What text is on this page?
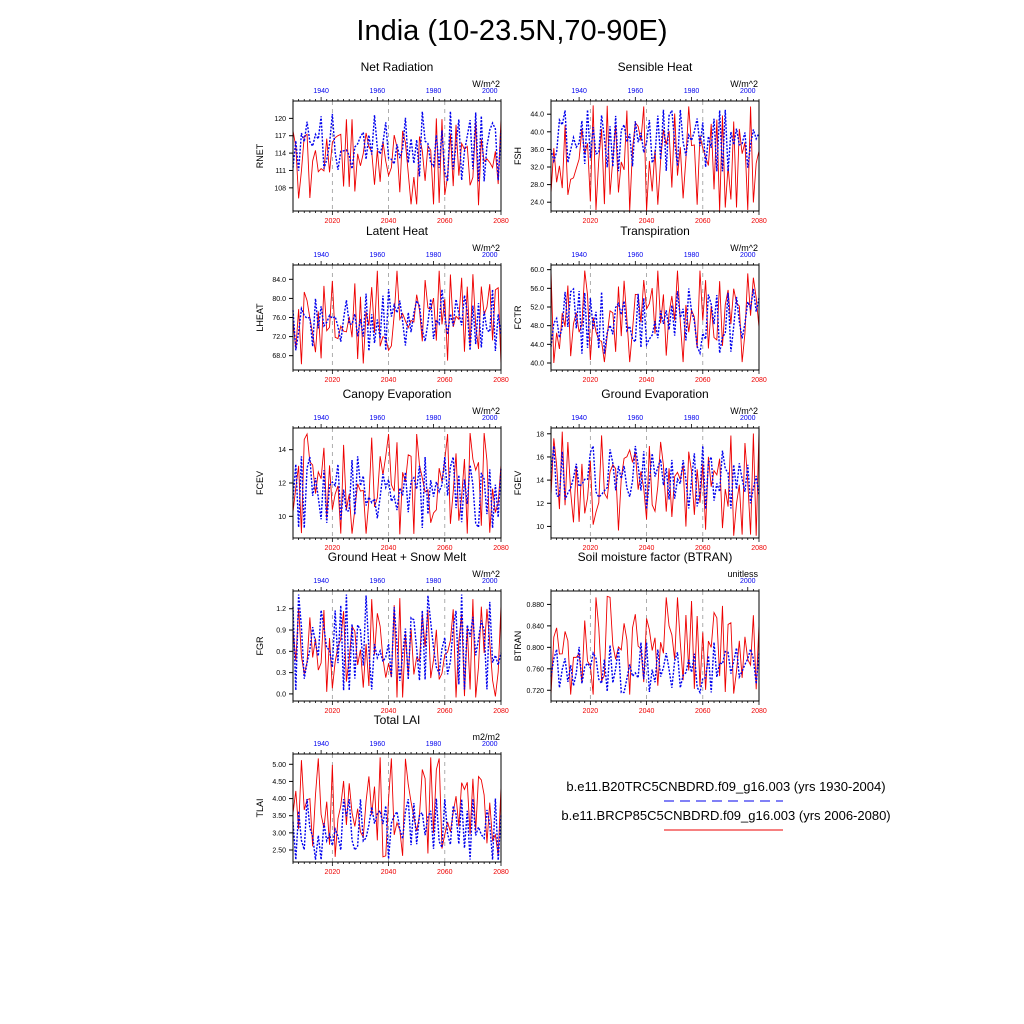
India (10-23.5N,70-90E)
Net Radiation
W/m^2
108
111
114
117
120
2020	2040	2060	2080
1940	1960	1980	2000
RNET
Sensible Heat
W/m^2
24.0
28.0
32.0
36.0
40.0
44.0
2020	2040	2060	2080
1940	1960	1980	2000
FSH
Latent Heat
W/m^2
68.0
72.0
76.0
80.0
84.0
2020	2040	2060	2080
1940	1960	1980	2000
LHEAT
Transpiration
W/m^2
40.0
44.0
48.0
52.0
56.0
60.0
2020	2040	2060	2080
1940	1960	1980	2000
FCTR
Canopy Evaporation
W/m^2
10
12
14
2020	2040	2060	2080
1940	1960	1980	2000
FCEV
Ground Evaporation
W/m^2
10
12
14
16
18
2020	2040	2060	2080
1940	1960	1980	2000
FGEV
Ground Heat + Snow Melt
W/m^2
0.0
0.3
0.6
0.9
1.2
2020	2040	2060	2080
1940	1960	1980	2000
FGR
Soil moisture factor (BTRAN)
unitless
0.720
0.760
0.800
0.840
0.880
2020	2040	2060	2080
2000
BTRAN
Total LAI
m2/m2
2.50
3.00
3.50
4.00
4.50
5.00
2020	2040	2060	2080
1940	1960	1980	2000
TLAI
b.e11.B20TRC5CNBDRD.f09_g16.003 (yrs 1930-2004)
b.e11.BRCP85C5CNBDRD.f09_g16.003 (yrs 2006-2080)
